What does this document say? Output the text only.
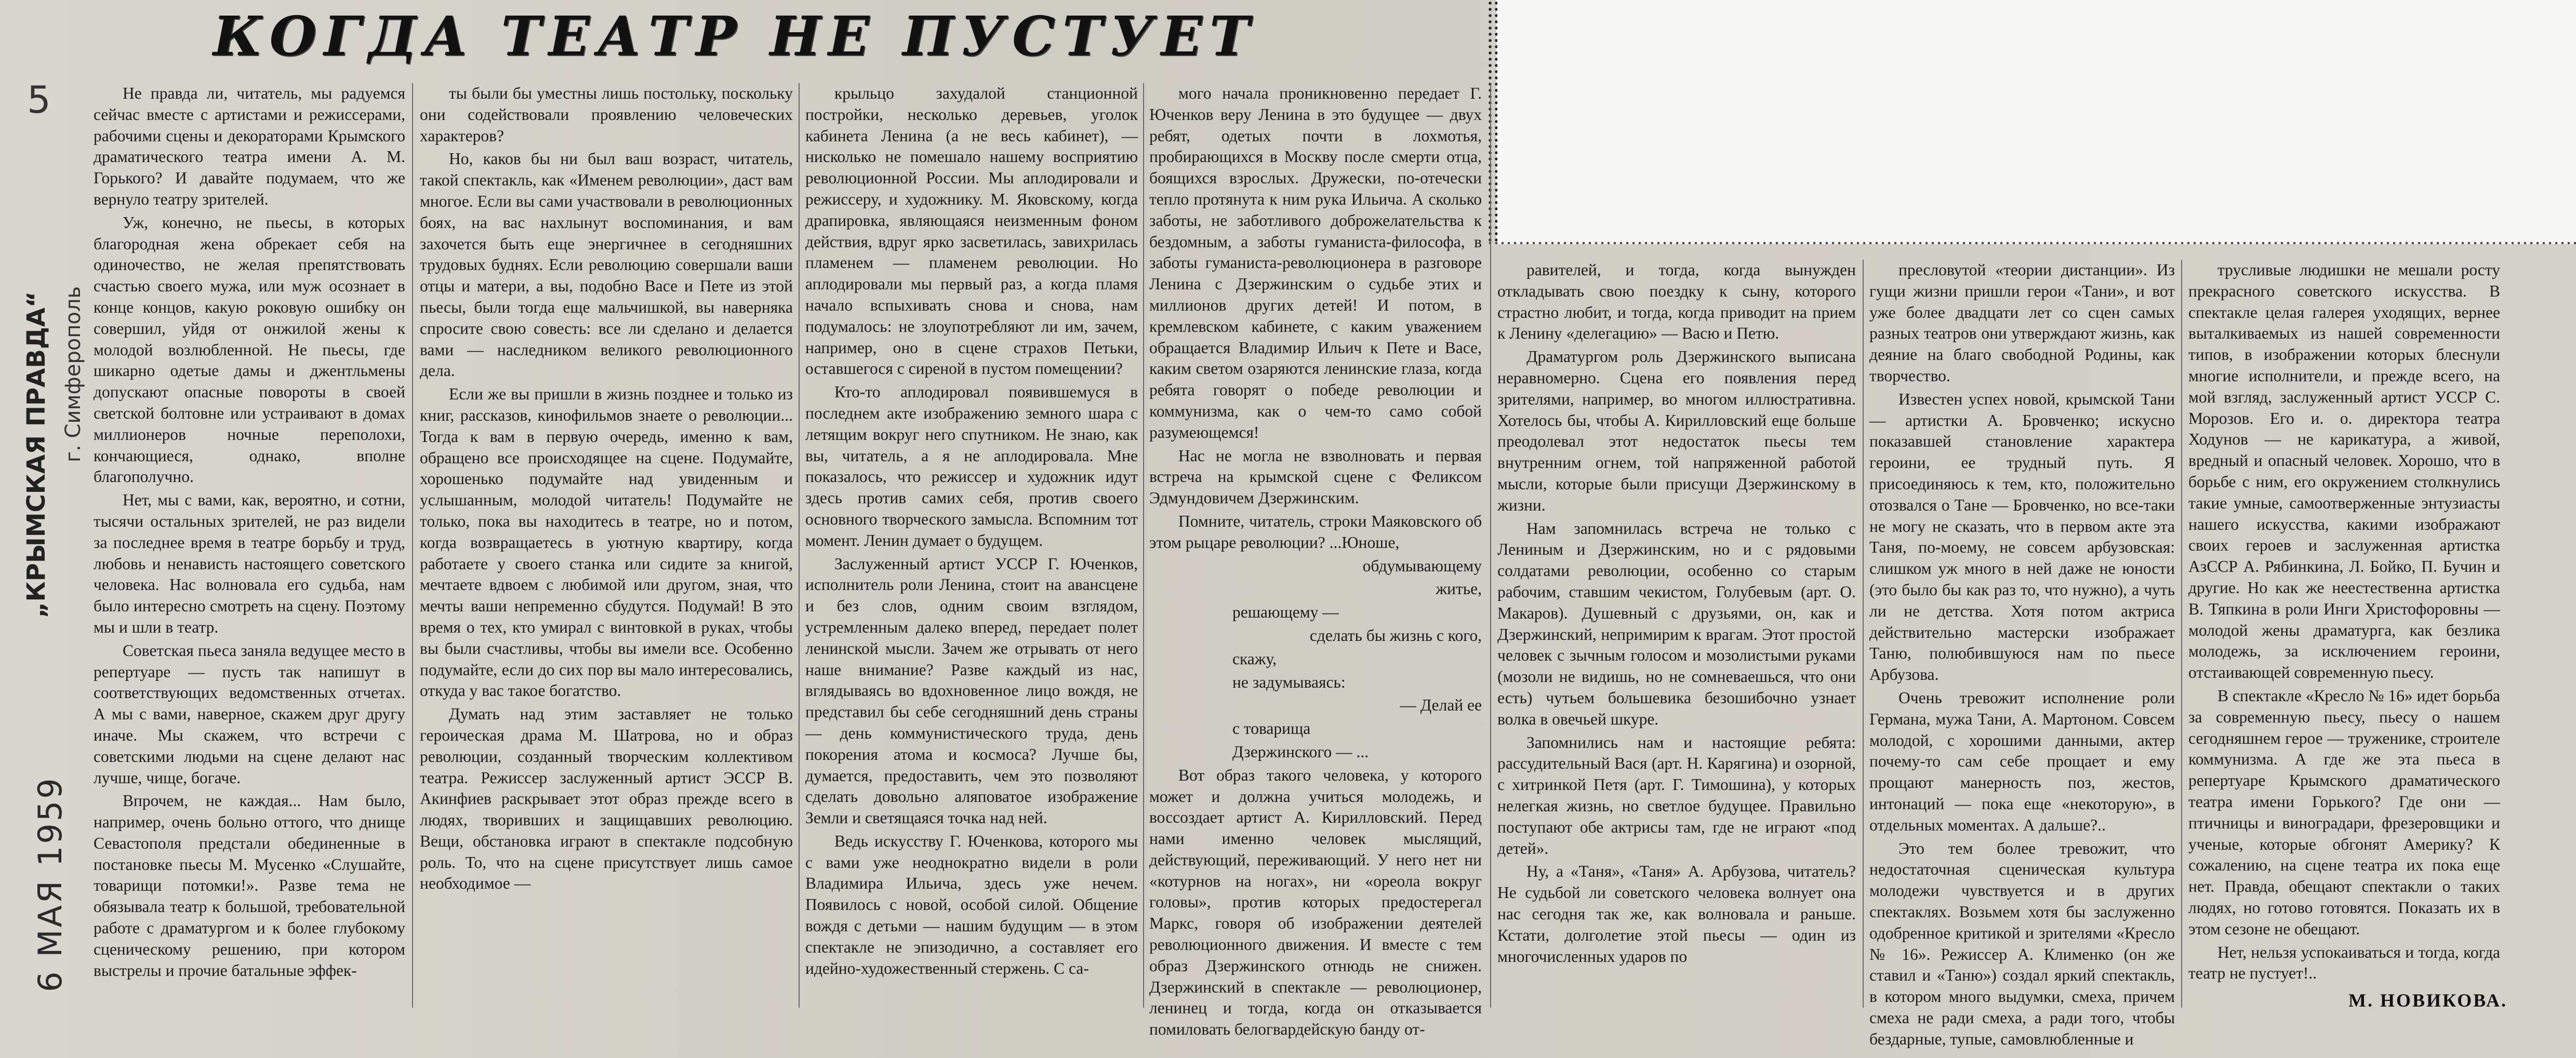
КОГДА ТЕАТР НЕ ПУСТУЕТ
5
„КРЫМСКАЯ ПРАВДА“ г. Симферополь
6 МАЯ 1959

Не правда ли, читатель, мы радуемся сейчас вместе с артистами и режиссерами, рабочими сцены и декораторами Крымского драматического театра имени А. М. Горького? И давайте подумаем, что же вернуло театру зрителей.

Уж, конечно, не пьесы, в которых благородная жена обрекает себя на одиночество, не желая препятствовать счастью своего мужа, или муж осознает в конце концов, какую роковую ошибку он совершил, уйдя от онжилой жены к молодой возлюбленной. Не пьесы, где шикарно одетые дамы и джентльмены допускают опасные повороты в своей светской болтовне или устраивают в домах миллионеров ночные переполохи, кончающиеся, однако, вполне благополучно.

Нет, мы с вами, как, вероятно, и сотни, тысячи остальных зрителей, не раз видели за последнее время в театре борьбу и труд, любовь и ненависть настоящего советского человека. Нас волновала его судьба, нам было интересно смотреть на сцену. Поэтому мы и шли в театр.

Советская пьеса заняла ведущее место в репертуаре — пусть так напишут в соответствующих ведомственных отчетах. А мы с вами, наверное, скажем друг другу иначе. Мы скажем, что встречи с советскими людьми на сцене делают нас лучше, чище, богаче.

Впрочем, не каждая... Нам было, например, очень больно оттого, что днище Севастополя предстали обединенные в постановке пьесы М. Мусенко «Слушайте, товарищи потомки!». Разве тема не обязывала театр к большой, требовательной работе с драматургом и к более глубокому сценическому решению, при котором выстрелы и прочие батальные эффек-

ты были бы уместны лишь постольку, поскольку они содействовали проявлению человеческих характеров?

Но, каков бы ни был ваш возраст, читатель, такой спектакль, как «Именем революции», даст вам многое. Если вы сами участвовали в революционных боях, на вас нахлынут воспоминания, и вам захочется быть еще энергичнее в сегодняшних трудовых буднях. Если революцию совершали ваши отцы и матери, а вы, подобно Васе и Пете из этой пьесы, были тогда еще мальчишкой, вы наверняка спросите свою совесть: все ли сделано и делается вами — наследником великого революционного дела.

Если же вы пришли в жизнь позднее и только из книг, рассказов, кинофильмов знаете о революции... Тогда к вам в первую очередь, именно к вам, обращено все происходящее на сцене. Подумайте, хорошенько подумайте над увиденным и услышанным, молодой читатель! Подумайте не только, пока вы находитесь в театре, но и потом, когда возвращаетесь в уютную квартиру, когда работаете у своего станка или сидите за книгой, мечтаете вдвоем с любимой или другом, зная, что мечты ваши непременно сбудутся. Подумай! В это время о тех, кто умирал с винтовкой в руках, чтобы вы были счастливы, чтобы вы имели все. Особенно подумайте, если до сих пор вы мало интересовались, откуда у вас такое богатство.

Думать над этим заставляет не только героическая драма М. Шатрова, но и образ революции, созданный творческим коллективом театра. Режиссер заслуженный артист ЭССР В. Акинфиев раскрывает этот образ прежде всего в людях, творивших и защищавших революцию. Вещи, обстановка играют в спектакле подсобную роль. То, что на сцене присутствует лишь самое необходимое —

крыльцо захудалой станционной постройки, несколько деревьев, уголок кабинета Ленина (а не весь кабинет), — нисколько не помешало нашему восприятию революционной России. Мы аплодировали и режиссеру, и художнику. М. Яковскому, когда драпировка, являющаяся неизменным фоном действия, вдруг ярко засветилась, завихрилась пламенем — пламенем революции. Но аплодировали мы первый раз, а когда пламя начало вспыхивать снова и снова, нам подумалось: не злоупотребляют ли им, зачем, например, оно в сцене страхов Петьки, оставшегося с сиреной в пустом помещении?

Кто-то аплодировал появившемуся в последнем акте изображению земного шара с летящим вокруг него спутником. Не знаю, как вы, читатель, а я не аплодировала. Мне показалось, что режиссер и художник идут здесь против самих себя, против своего основного творческого замысла. Вспомним тот момент. Ленин думает о будущем.

Заслуженный артист УССР Г. Юченков, исполнитель роли Ленина, стоит на авансцене и без слов, одним своим взглядом, устремленным далеко вперед, передает полет ленинской мысли. Зачем же отрывать от него наше внимание? Разве каждый из нас, вглядываясь во вдохновенное лицо вождя, не представил бы себе сегодняшний день страны — день коммунистического труда, день покорения атома и космоса? Лучше бы, думается, предоставить, чем это позволяют сделать довольно аляповатое изображение Земли и светящаяся точка над ней.

Ведь искусству Г. Юченкова, которого мы с вами уже неоднократно видели в роли Владимира Ильича, здесь уже нечем. Появилось с новой, особой силой. Общение вождя с детьми — нашим будущим — в этом спектакле не эпизодично, а составляет его идейно-художественный стержень. С са-

мого начала проникновенно передает Г. Юченков веру Ленина в это будущее — двух ребят, одетых почти в лохмотья, пробирающихся в Москву после смерти отца, боящихся взрослых. Дружески, по-отечески тепло протянута к ним рука Ильича. А сколько заботы, не заботливого доброжелательства к бездомным, а заботы гуманиста-философа, в заботы гуманиста-революционера в разговоре Ленина с Дзержинским о судьбе этих и миллионов других детей! И потом, в кремлевском кабинете, с каким уважением обращается Владимир Ильич к Пете и Васе, каким светом озаряются ленинские глаза, когда ребята говорят о победе революции и коммунизма, как о чем-то само собой разумеющемся!

Нас не могла не взволновать и первая встреча на крымской сцене с Феликсом Эдмундовичем Дзержинским.

Помните, читатель, строки Маяковского об этом рыцаре революции? ...Юноше,

обдумывающему

житье,

решающему —

сделать бы жизнь с кого,

скажу,

не задумываясь:

— Делай ее

с товарища

Дзержинского — ...

Вот образ такого человека, у которого может и должна учиться молодежь, и воссоздает артист А. Кирилловский. Перед нами именно человек мыслящий, действующий, переживающий. У него нет ни «котурнов на ногах», ни «ореола вокруг головы», против которых предостерегал Маркс, говоря об изображении деятелей революционного движения. И вместе с тем образ Дзержинского отнюдь не снижен. Дзержинский в спектакле — революционер, ленинец и тогда, когда он отказывается помиловать белогвардейскую банду от-

равителей, и тогда, когда вынужден откладывать свою поездку к сыну, которого страстно любит, и тогда, когда приводит на прием к Ленину «делегацию» — Васю и Петю.

Драматургом роль Дзержинского выписана неравномерно. Сцена его появления перед зрителями, например, во многом иллюстративна. Хотелось бы, чтобы А. Кирилловский еще больше преодолевал этот недостаток пьесы тем внутренним огнем, той напряженной работой мысли, которые были присущи Дзержинскому в жизни.

Нам запомнилась встреча не только с Лениным и Дзержинским, но и с рядовыми солдатами революции, особенно со старым рабочим, ставшим чекистом, Голубевым (арт. О. Макаров). Душевный с друзьями, он, как и Дзержинский, непримирим к врагам. Этот простой человек с зычным голосом и мозолистыми руками (мозоли не видишь, но не сомневаешься, что они есть) чутьем большевика безошибочно узнает волка в овечьей шкуре.

Запомнились нам и настоящие ребята: рассудительный Вася (арт. Н. Карягина) и озорной, с хитринкой Петя (арт. Г. Тимошина), у которых нелегкая жизнь, но светлое будущее. Правильно поступают обе актрисы там, где не играют «под детей».

Ну, а «Таня», «Таня» А. Арбузова, читатель? Не судьбой ли советского человека волнует она нас сегодня так же, как волновала и раньше. Кстати, долголетие этой пьесы — один из многочисленных ударов по

пресловутой «теории дистанции». Из гущи жизни пришли герои «Тани», и вот уже более двадцати лет со сцен самых разных театров они утверждают жизнь, как деяние на благо свободной Родины, как творчество.

Известен успех новой, крымской Тани — артистки А. Бровченко; искусно показавшей становление характера героини, ее трудный путь. Я присоединяюсь к тем, кто, положительно отозвался о Тане — Бровченко, но все-таки не могу не сказать, что в первом акте эта Таня, по-моему, не совсем арбузовская: слишком уж много в ней даже не юности (это было бы как раз то, что нужно), а чуть ли не детства. Хотя потом актриса действительно мастерски изображает Таню, полюбившуюся нам по пьесе Арбузова.

Очень тревожит исполнение роли Германа, мужа Тани, А. Мартоном. Совсем молодой, с хорошими данными, актер почему-то сам себе прощает и ему прощают манерность поз, жестов, интонаций — пока еще «некоторую», в отдельных моментах. А дальше?..

Это тем более тревожит, что недостаточная сценическая культура молодежи чувствуется и в других спектаклях. Возьмем хотя бы заслуженно одобренное критикой и зрителями «Кресло № 16». Режиссер А. Клименко (он же ставил и «Таню») создал яркий спектакль, в котором много выдумки, смеха, причем смеха не ради смеха, а ради того, чтобы бездарные, тупые, самовлюбленные и

трусливые людишки не мешали росту прекрасного советского искусства. В спектакле целая галерея уходящих, вернее выталкиваемых из нашей современности типов, в изображении которых блеснули многие исполнители, и прежде всего, на мой взгляд, заслуженный артист УССР С. Морозов. Его и. о. директора театра Ходунов — не карикатура, а живой, вредный и опасный человек. Хорошо, что в борьбе с ним, его окружением столкнулись такие умные, самоотверженные энтузиасты нашего искусства, какими изображают своих героев и заслуженная артистка АзССР А. Рябинкина, Л. Бойко, П. Бучин и другие. Но как же неестественна артистка В. Тяпкина в роли Инги Христофоровны — молодой жены драматурга, как безлика молодежь, за исключением героини, отстаивающей современную пьесу.

В спектакле «Кресло № 16» идет борьба за современную пьесу, пьесу о нашем сегодняшнем герое — труженике, строителе коммунизма. А где же эта пьеса в репертуаре Крымского драматического театра имени Горького? Где они — птичницы и виноградари, фрезеровщики и ученые, которые обгонят Америку? К сожалению, на сцене театра их пока еще нет. Правда, обещают спектакли о таких людях, но готово готовятся. Показать их в этом сезоне не обещают.

Нет, нельзя успокаиваться и тогда, когда театр не пустует!..

М. НОВИКОВА.
